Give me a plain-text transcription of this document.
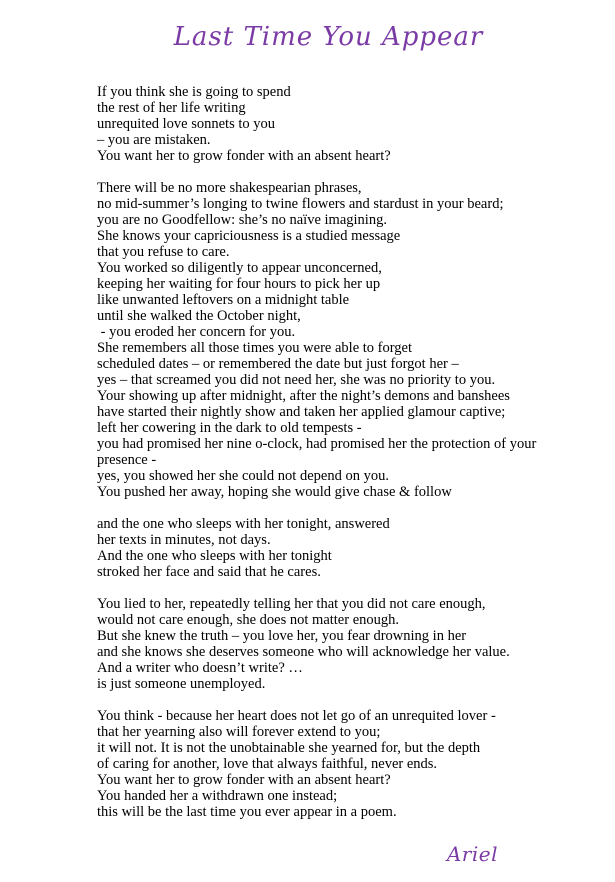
Last Time You Appear

If you think she is going to spend
the rest of her life writing
unrequited love sonnets to you
– you are mistaken.
You want her to grow fonder with an absent heart?

There will be no more shakespearian phrases,
no mid-summer’s longing to twine flowers and stardust in your beard;
you are no Goodfellow: she’s no naïve imagining.
She knows your capriciousness is a studied message
that you refuse to care.
You worked so diligently to appear unconcerned,
keeping her waiting for four hours to pick her up
like unwanted leftovers on a midnight table
until she walked the October night,
- you eroded her concern for you.
She remembers all those times you were able to forget
scheduled dates – or remembered the date but just forgot her –
yes – that screamed you did not need her, she was no priority to you.
Your showing up after midnight, after the night’s demons and banshees
have started their nightly show and taken her applied glamour captive;
left her cowering in the dark to old tempests -
you had promised her nine o-clock, had promised her the protection of your presence -
yes, you showed her she could not depend on you.
You pushed her away, hoping she would give chase & follow

and the one who sleeps with her tonight, answered
her texts in minutes, not days.
And the one who sleeps with her tonight
stroked her face and said that he cares.

You lied to her, repeatedly telling her that you did not care enough,
would not care enough, she does not matter enough.
But she knew the truth – you love her, you fear drowning in her
and she knows she deserves someone who will acknowledge her value.
And a writer who doesn’t write? …
is just someone unemployed.

You think - because her heart does not let go of an unrequited lover -
that her yearning also will forever extend to you;
it will not. It is not the unobtainable she yearned for, but the depth
of caring for another, love that always faithful, never ends.
You want her to grow fonder with an absent heart?
You handed her a withdrawn one instead;
this will be the last time you ever appear in a poem.

Ariel
